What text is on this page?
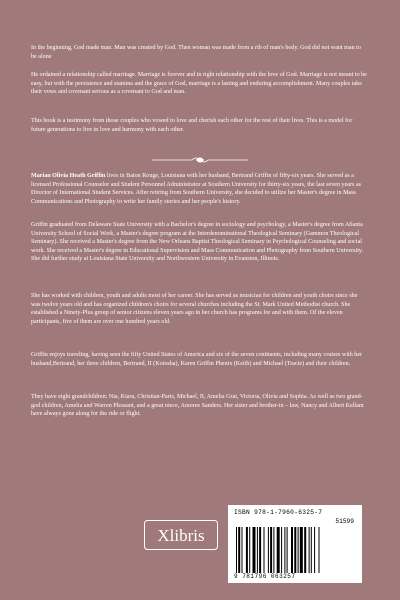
In the beginning, God made man. Man was created by God. Then woman was made from a rib of man's body. God did not want man to be alone

He ordained a relationship called marriage. Marriage is forever and in right relationship with the love of God. Marriage is not meant to be easy, but with the persistence and stamina and the grace of God, marriage is a lasting and enduring accomplishment. Many couples take their vows and covenant serious as a covenant to God and man.

This book is a testimony from those couples who vowed to love and cherish each other for the rest of their lives. This is a model for future generations to live in love and harmony with each other.

Marian Olivia Heath Griffin lives in Baton Rouge, Louisiana with her husband, Bertrand Griffin of fifty-six years. She served as a licensed Professional Counselor and Student Personnel Administrator at Southern University for thirty-six years, the last seven years as Director of International Student Services. After retiring from Southern University, she decided to utilize her Master's degree in Mass Communications and Photography to write her family stories and her people's history.

Griffin graduated from Delaware State University with a Bachelor's degree in sociology and psychology, a Master's degree from Atlanta University School of Social Work, a Master's degree program at the Interdenominational Theological Seminary (Gammon Theological Seminary). She received a Master's degree from the New Orleans Baptist Theological Seminary in Psychological Counseling and social work. She received a Master's degree in Educational Supervision and Mass Communication and Photography from Southern University. She did further study at Louisiana State University and Northwestern University in Evanston, Illinois.

She has worked with children, youth and adults most of her career. She has served as musician for children and youth choirs since she was twelve years old and has organized children's choirs for several churches including the St. Mark United Methodist church. She established a Ninety-Plus group of senior citizens eleven years ago in her church has programs for and with them. Of the eleven participants, five of them are over one hundred years old.

Griffin enjoys traveling, having seen the fifty United States of America and six of the seven continents, including many cruises with her husband,Bertrand, her three children, Bertrand, II (Kotosha), Karen Griffin Phenix (Keith) and Michael (Tracie) and their children.

They have eight grandchildren: Nia, Kiara, Christian-Paris, Michael, II, Amelia Grai, Victoria, Olivia and Sophia. As well as two grand-god children, Amelia and Warren Pleasant, and a great niece, Amoree Sanders. Her sister and brother-in – law, Nancy and Albert Kellam have always gone along for the ride or flight.

Xlibris
ISBN 978-1-7960-6325-7
51599
9 781796 063257
